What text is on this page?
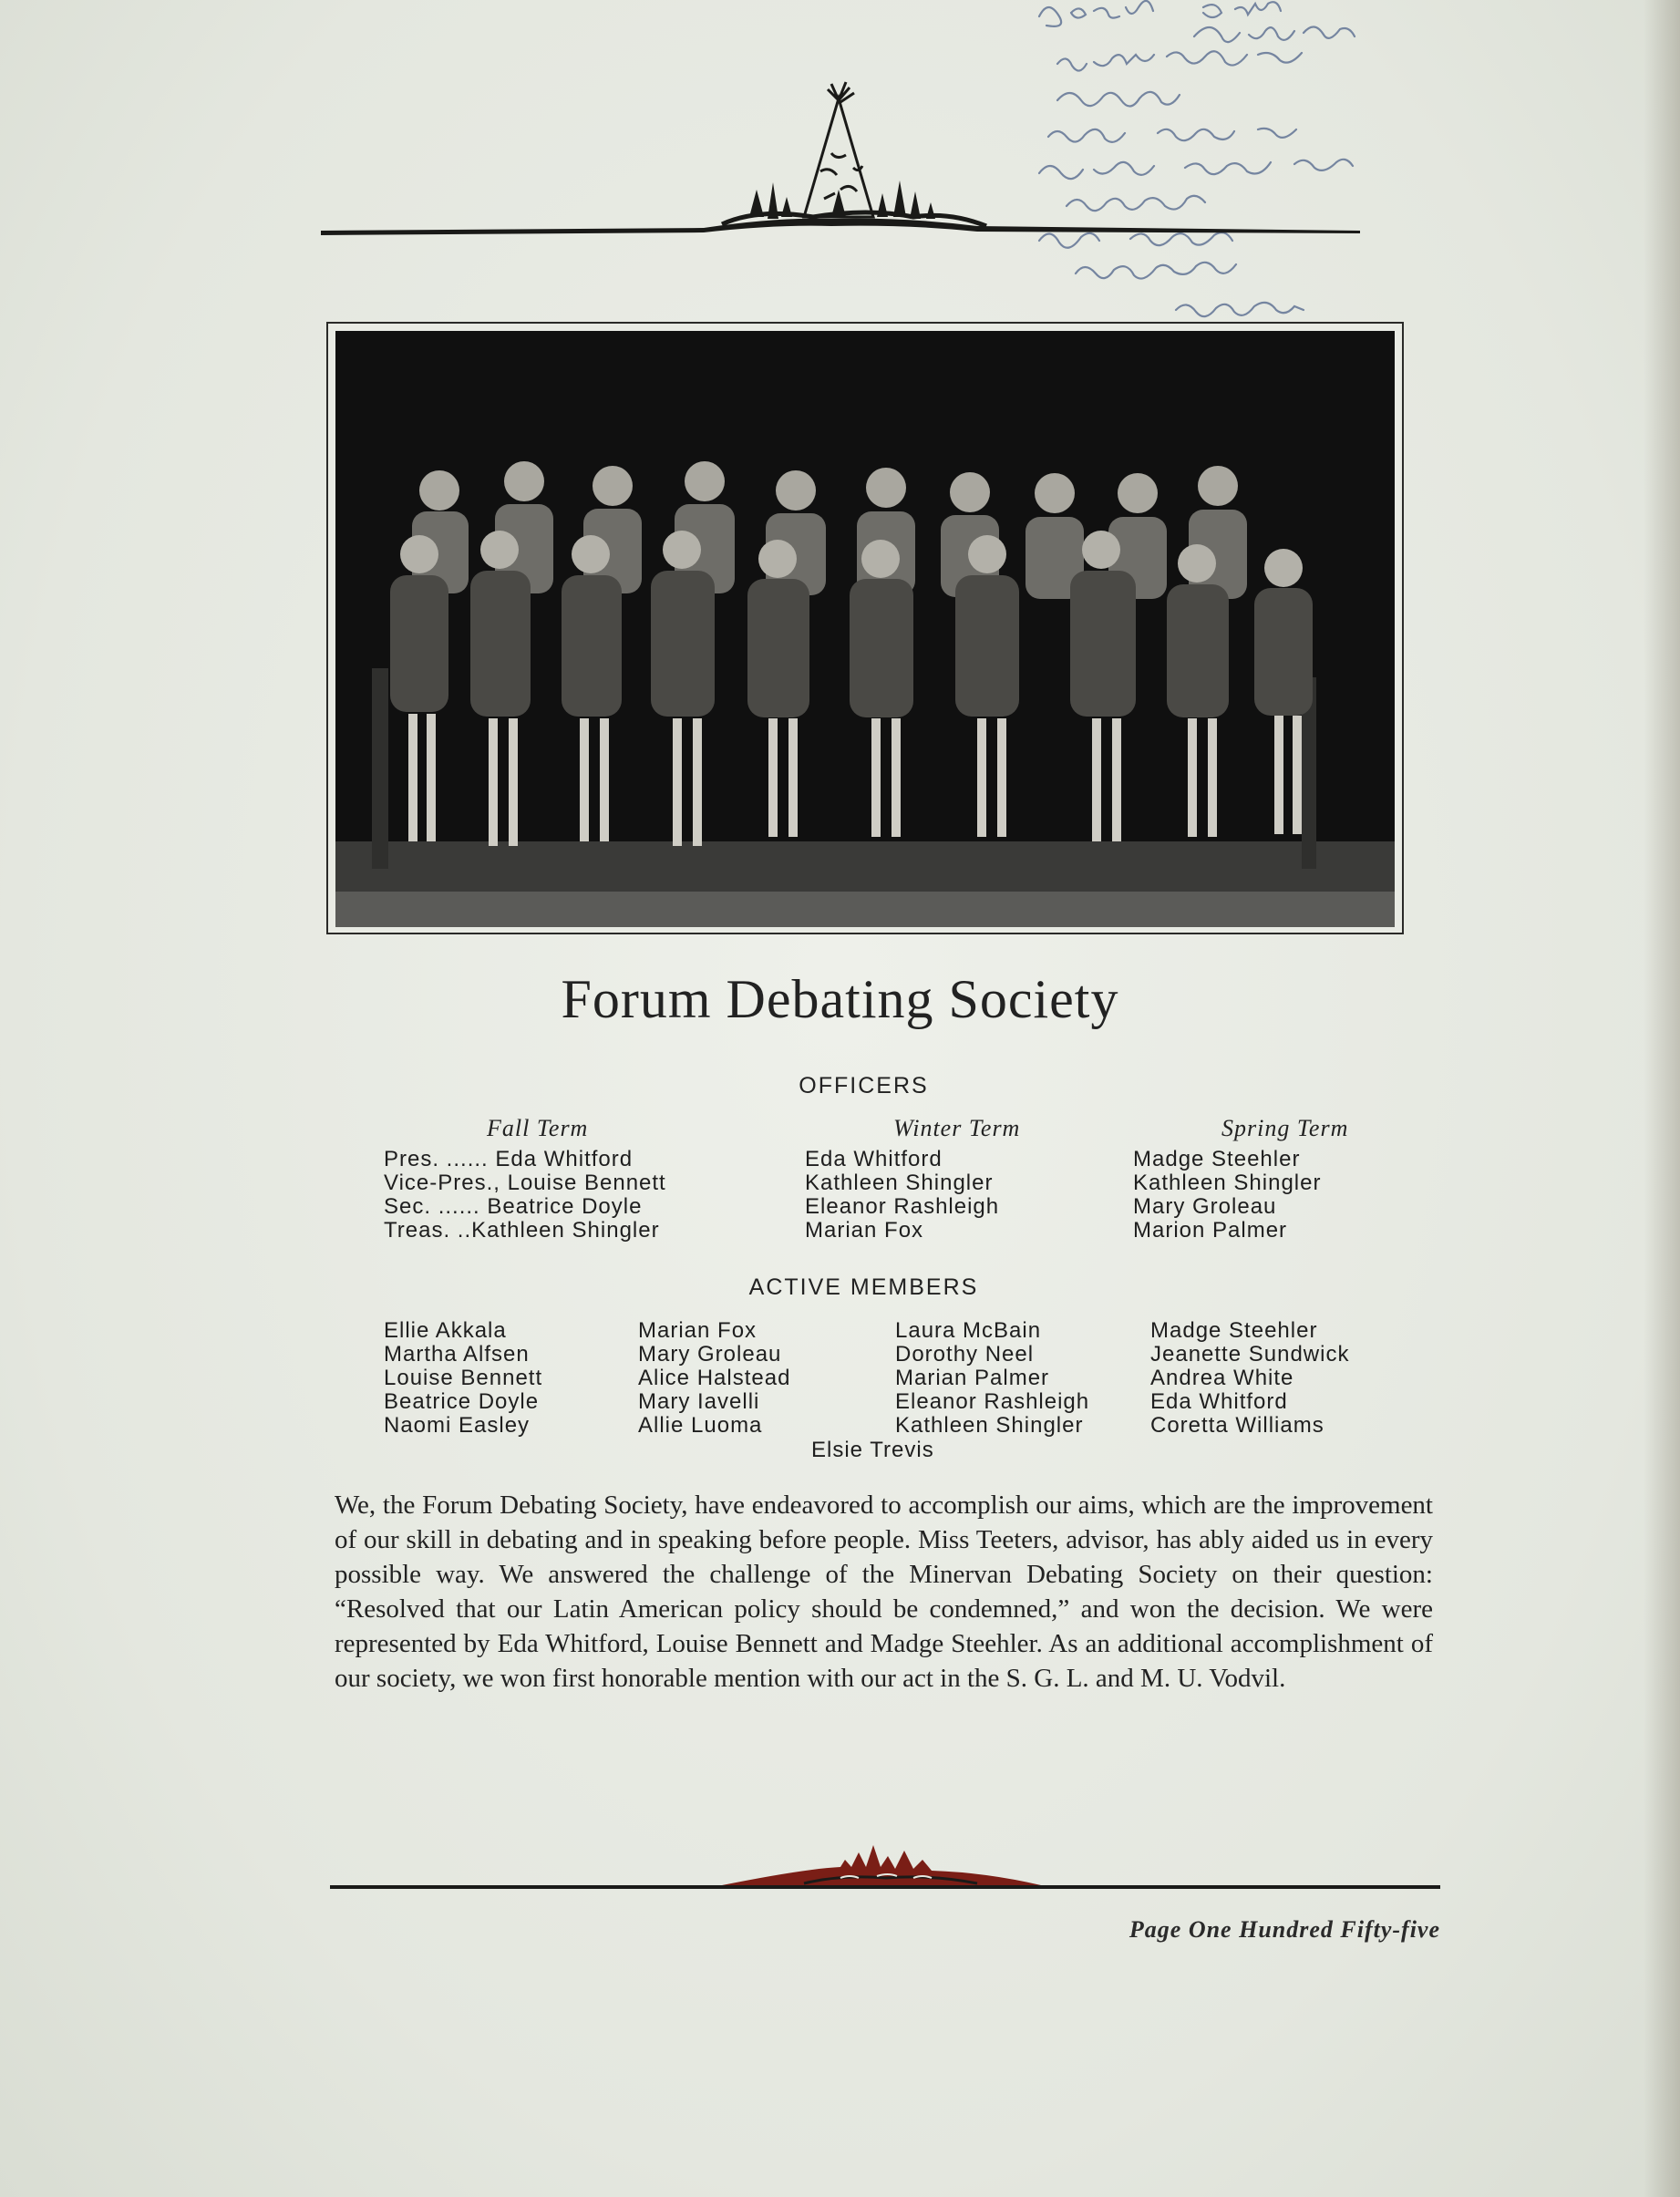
Forum Debating Society
OFFICERS
Fall Term	Winter Term	Spring Term
Pres. ...... Eda Whitford
Vice-Pres., Louise Bennett
Sec. ...... Beatrice Doyle
Treas. ..Kathleen Shingler
Eda Whitford
Kathleen Shingler
Eleanor Rashleigh
Marian Fox
Madge Steehler
Kathleen Shingler
Mary Groleau
Marion Palmer
ACTIVE MEMBERS
Ellie Akkala
Martha Alfsen
Louise Bennett
Beatrice Doyle
Naomi Easley
Marian Fox
Mary Groleau
Alice Halstead
Mary Iavelli
Allie Luoma
Laura McBain
Dorothy Neel
Marian Palmer
Eleanor Rashleigh
Kathleen Shingler
Madge Steehler
Jeanette Sundwick
Andrea White
Eda Whitford
Coretta Williams
Elsie Trevis
We, the Forum Debating Society, have endeavored to accomplish our aims, which are the improvement of our skill in debating and in speaking before people. Miss Teeters, advisor, has ably aided us in every possible way. We answered the challenge of the Minervan Debating Society on their question: “Resolved that our Latin American policy should be condemned,” and won the decision. We were represented by Eda Whitford, Louise Bennett and Madge Steehler. As an additional accomplishment of our society, we won first honorable mention with our act in the S. G. L. and M. U. Vodvil.
Page One Hundred Fifty-five
